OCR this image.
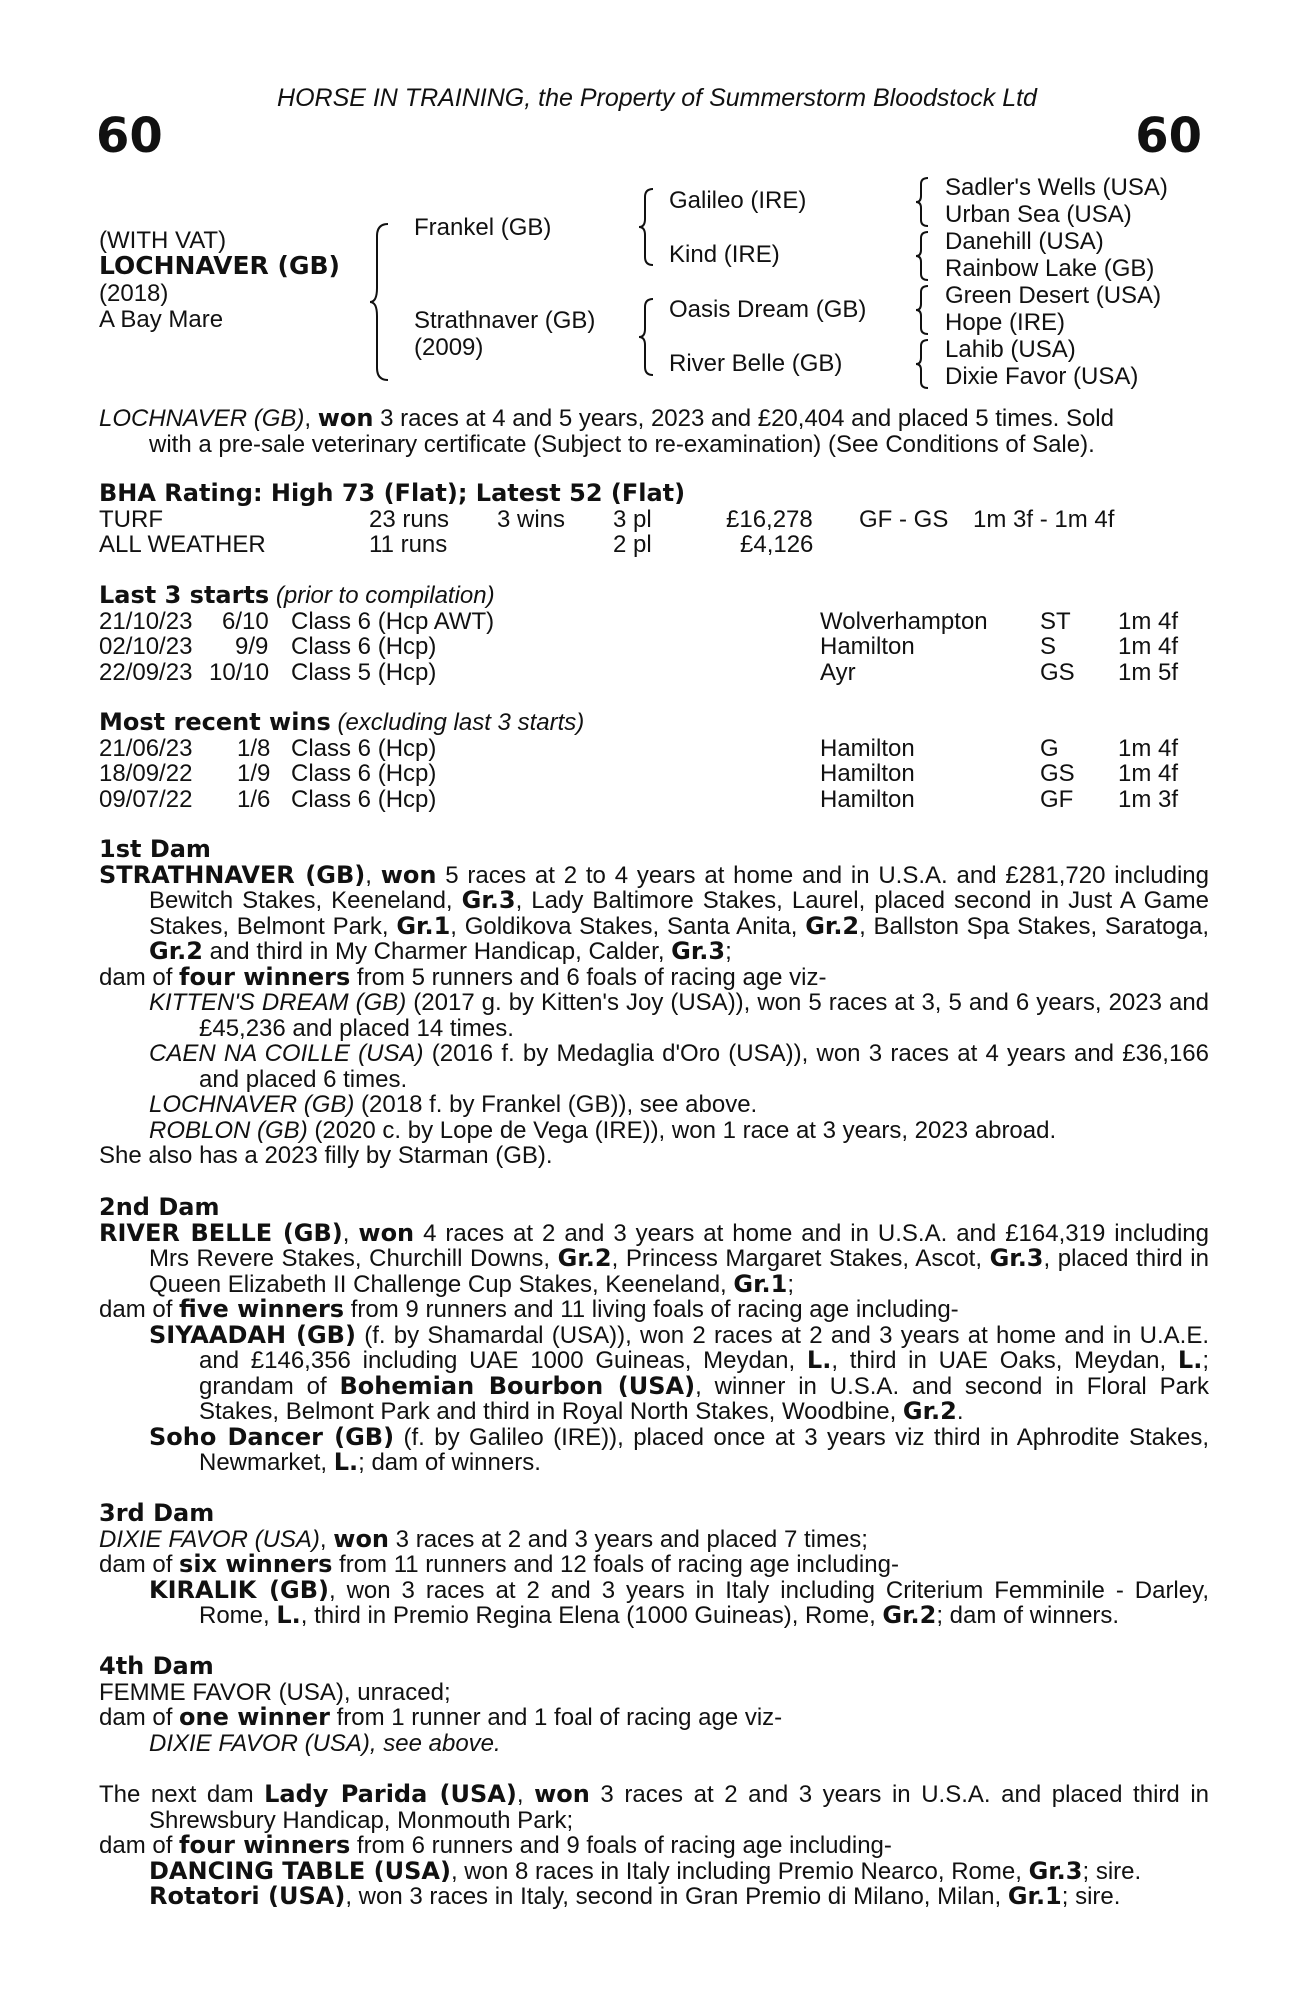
HORSE IN TRAINING, the Property of Summerstorm Bloodstock Ltd
60	60
(WITH VAT)
LOCHNAVER (GB)
(2018)
A Bay Mare
Frankel (GB)
Strathnaver (GB)
(2009)
Galileo (IRE)
Kind (IRE)
Oasis Dream (GB)
River Belle (GB)
Sadler's Wells (USA)
Urban Sea (USA)
Danehill (USA)
Rainbow Lake (GB)
Green Desert (USA)
Hope (IRE)
Lahib (USA)
Dixie Favor (USA)

LOCHNAVER (GB), won 3 races at 4 and 5 years, 2023 and £20,404 and placed 5 times. Sold

with a pre-sale veterinary certificate (Subject to re-examination) (See Conditions of Sale).

BHA Rating: High 73 (Flat); Latest 52 (Flat)

TURF	23 runs 3 wins 3 pl	£16,278 GF - GS 1m 3f - 1m 4f
ALL WEATHER	11 runs	2 pl	£4,126

Last 3 starts (prior to compilation)

21/10/23 6/10 Class 6 (Hcp AWT)	Wolverhampton ST 1m 4f
02/10/23 9/9 Class 6 (Hcp)	Hamilton	S	1m 4f
22/09/23 10/10 Class 5 (Hcp)	Ayr	GS 1m 5f

Most recent wins (excluding last 3 starts)

21/06/23 1/8 Class 6 (Hcp)	Hamilton	G 1m 4f
18/09/22 1/9 Class 6 (Hcp)	Hamilton	GS 1m 4f
09/07/22 1/6 Class 6 (Hcp)	Hamilton	GF 1m 3f

1st Dam

STRATHNAVER (GB), won 5 races at 2 to 4 years at home and in U.S.A. and £281,720 including Bewitch Stakes, Keeneland, Gr.3, Lady Baltimore Stakes, Laurel, placed second in Just A Game Stakes, Belmont Park, Gr.1, Goldikova Stakes, Santa Anita, Gr.2, Ballston Spa Stakes, Saratoga, Gr.2 and third in My Charmer Handicap, Calder, Gr.3;

dam of four winners from 5 runners and 6 foals of racing age viz-

KITTEN'S DREAM (GB) (2017 g. by Kitten's Joy (USA)), won 5 races at 3, 5 and 6 years, 2023 and £45,236 and placed 14 times.

CAEN NA COILLE (USA) (2016 f. by Medaglia d'Oro (USA)), won 3 races at 4 years and £36,166 and placed 6 times.

LOCHNAVER (GB) (2018 f. by Frankel (GB)), see above.

ROBLON (GB) (2020 c. by Lope de Vega (IRE)), won 1 race at 3 years, 2023 abroad.

She also has a 2023 filly by Starman (GB).

2nd Dam

RIVER BELLE (GB), won 4 races at 2 and 3 years at home and in U.S.A. and £164,319 including Mrs Revere Stakes, Churchill Downs, Gr.2, Princess Margaret Stakes, Ascot, Gr.3, placed third in Queen Elizabeth II Challenge Cup Stakes, Keeneland, Gr.1;

dam of five winners from 9 runners and 11 living foals of racing age including-

SIYAADAH (GB) (f. by Shamardal (USA)), won 2 races at 2 and 3 years at home and in U.A.E. and £146,356 including UAE 1000 Guineas, Meydan, L., third in UAE Oaks, Meydan, L.; grandam of Bohemian Bourbon (USA), winner in U.S.A. and second in Floral Park Stakes, Belmont Park and third in Royal North Stakes, Woodbine, Gr.2.

Soho Dancer (GB) (f. by Galileo (IRE)), placed once at 3 years viz third in Aphrodite Stakes, Newmarket, L.; dam of winners.

3rd Dam

DIXIE FAVOR (USA), won 3 races at 2 and 3 years and placed 7 times;

dam of six winners from 11 runners and 12 foals of racing age including-

KIRALIK (GB), won 3 races at 2 and 3 years in Italy including Criterium Femminile - Darley, Rome, L., third in Premio Regina Elena (1000 Guineas), Rome, Gr.2; dam of winners.

4th Dam

FEMME FAVOR (USA), unraced;

dam of one winner from 1 runner and 1 foal of racing age viz-

DIXIE FAVOR (USA), see above.

The next dam Lady Parida (USA), won 3 races at 2 and 3 years in U.S.A. and placed third in Shrewsbury Handicap, Monmouth Park;

dam of four winners from 6 runners and 9 foals of racing age including-

DANCING TABLE (USA), won 8 races in Italy including Premio Nearco, Rome, Gr.3; sire.

Rotatori (USA), won 3 races in Italy, second in Gran Premio di Milano, Milan, Gr.1; sire.
